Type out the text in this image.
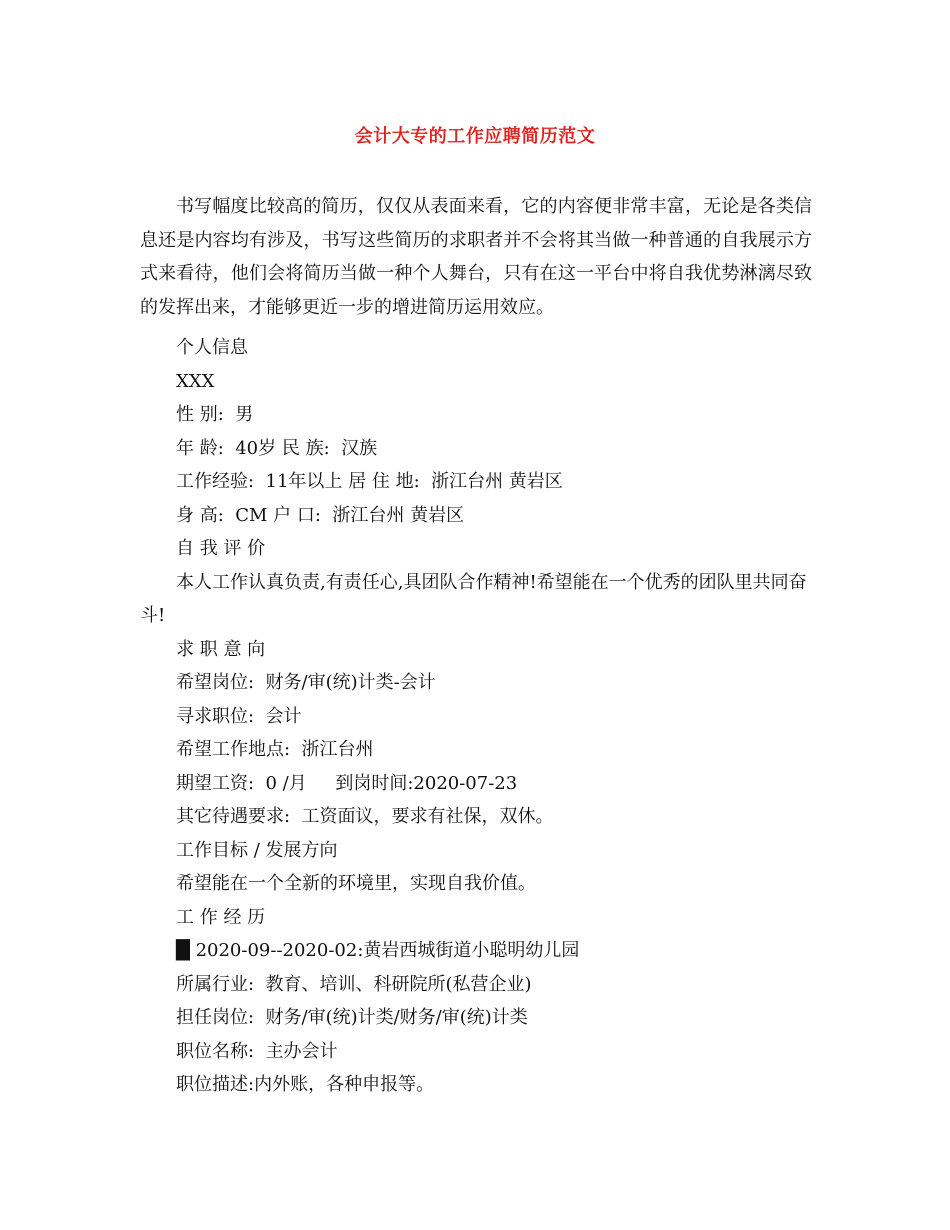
会计大专的工作应聘简历范文

书写幅度比较高的简历，仅仅从表面来看，它的内容便非常丰富，无论是各类信息还是内容均有涉及，书写这些简历的求职者并不会将其当做一种普通的自我展示方式来看待，他们会将简历当做一种个人舞台，只有在这一平台中将自我优势淋漓尽致的发挥出来，才能够更近一步的增进简历运用效应。

个人信息
XXX
性 别:  男
年 龄:  40岁 民 族:  汉族
工作经验:  11年以上 居 住 地:  浙江台州 黄岩区
身 高:  CM 户 口:  浙江台州 黄岩区
自 我 评 价
本人工作认真负责,有责任心,具团队合作精神!希望能在一个优秀的团队里共同奋斗!
求 职 意 向
希望岗位:  财务/审(统)计类-会计
寻求职位:  会计
希望工作地点:  浙江台州
期望工资:  0 /月     到岗时间:2020-07-23
其它待遇要求:  工资面议，要求有社保，双休。
工作目标 / 发展方向
希望能在一个全新的环境里，实现自我价值。
工 作 经 历
█ 2020-09--2020-02:黄岩西城街道小聪明幼儿园
所属行业:  教育、培训、科研院所(私营企业)
担任岗位:  财务/审(统)计类/财务/审(统)计类
职位名称:  主办会计
职位描述:内外账，各种申报等。
